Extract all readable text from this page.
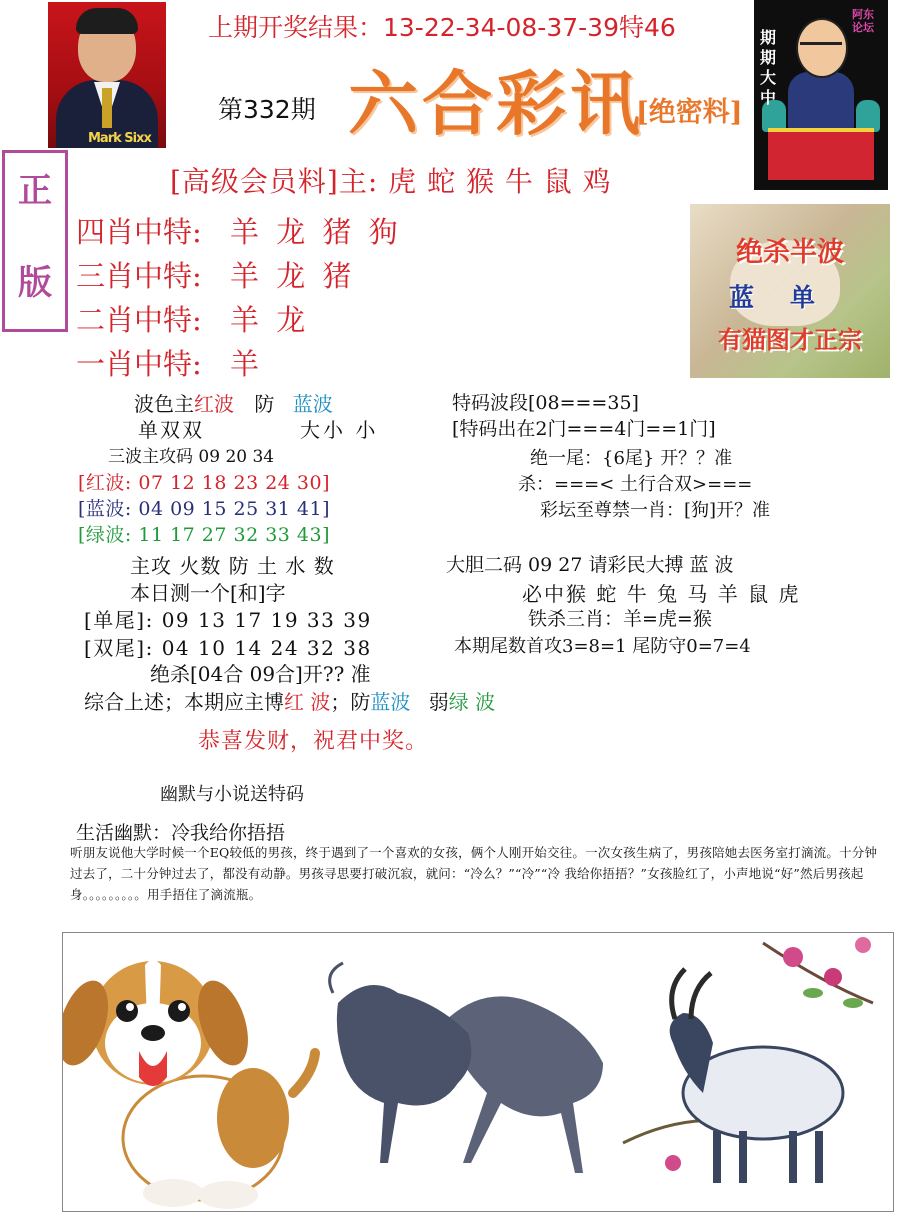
Mark Sixx
上期开奖结果：13-22-34-08-37-39特46
第332期 六合彩讯
[绝密料]
期期大中
阿东论坛
正
版
[高级会员料]主: 虎 蛇 猴 牛 鼠 鸡
四肖中特: 羊 龙 猪 狗
三肖中特: 羊 龙 猪
二肖中特: 羊 龙
一肖中特: 羊
绝杀半波
蓝单
有猫图才正宗
波色主红波 防 蓝波
单双双	大小 小
三波主攻码 09 20 34
[红波: 07 12 18 23 24 30]
[蓝波: 04 09 15 25 31 41]
[绿波: 11 17 27 32 33 43]
主攻 火数 防 土 水 数
本日测一个[和]字
[单尾]: 09 13 17 19 33 39
[双尾]: 04 10 14 24 32 38
绝杀[04合 09合]开?? 准
综合上述；本期应主博红 波；防蓝波 弱绿 波
恭喜发财，祝君中奖。
特码波段[08===35]
[特码出在2门===4门==1门]
绝一尾：{6尾} 开？？准
杀：===< 土行合双>===
彩坛至尊禁一肖：[狗]开？准
大胆二码 09 27 请彩民大搏 蓝 波
必中猴 蛇 牛 兔 马 羊 鼠 虎
铁杀三肖：羊=虎=猴
本期尾数首攻3=8=1 尾防守0=7=4
幽默与小说送特码
生活幽默：冷我给你捂捂
听朋友说他大学时候一个EQ较低的男孩，终于遇到了一个喜欢的女孩，俩个人刚开始交往。一次女孩生病了，男孩陪她去医务室打滴流。十分钟过去了，二十分钟过去了，都没有动静。男孩寻思要打破沉寂，就问：“冷么？”“冷”“冷 我给你捂捂？”女孩脸红了，小声地说“好”然后男孩起身。。。。。。。。。用手捂住了滴流瓶。
